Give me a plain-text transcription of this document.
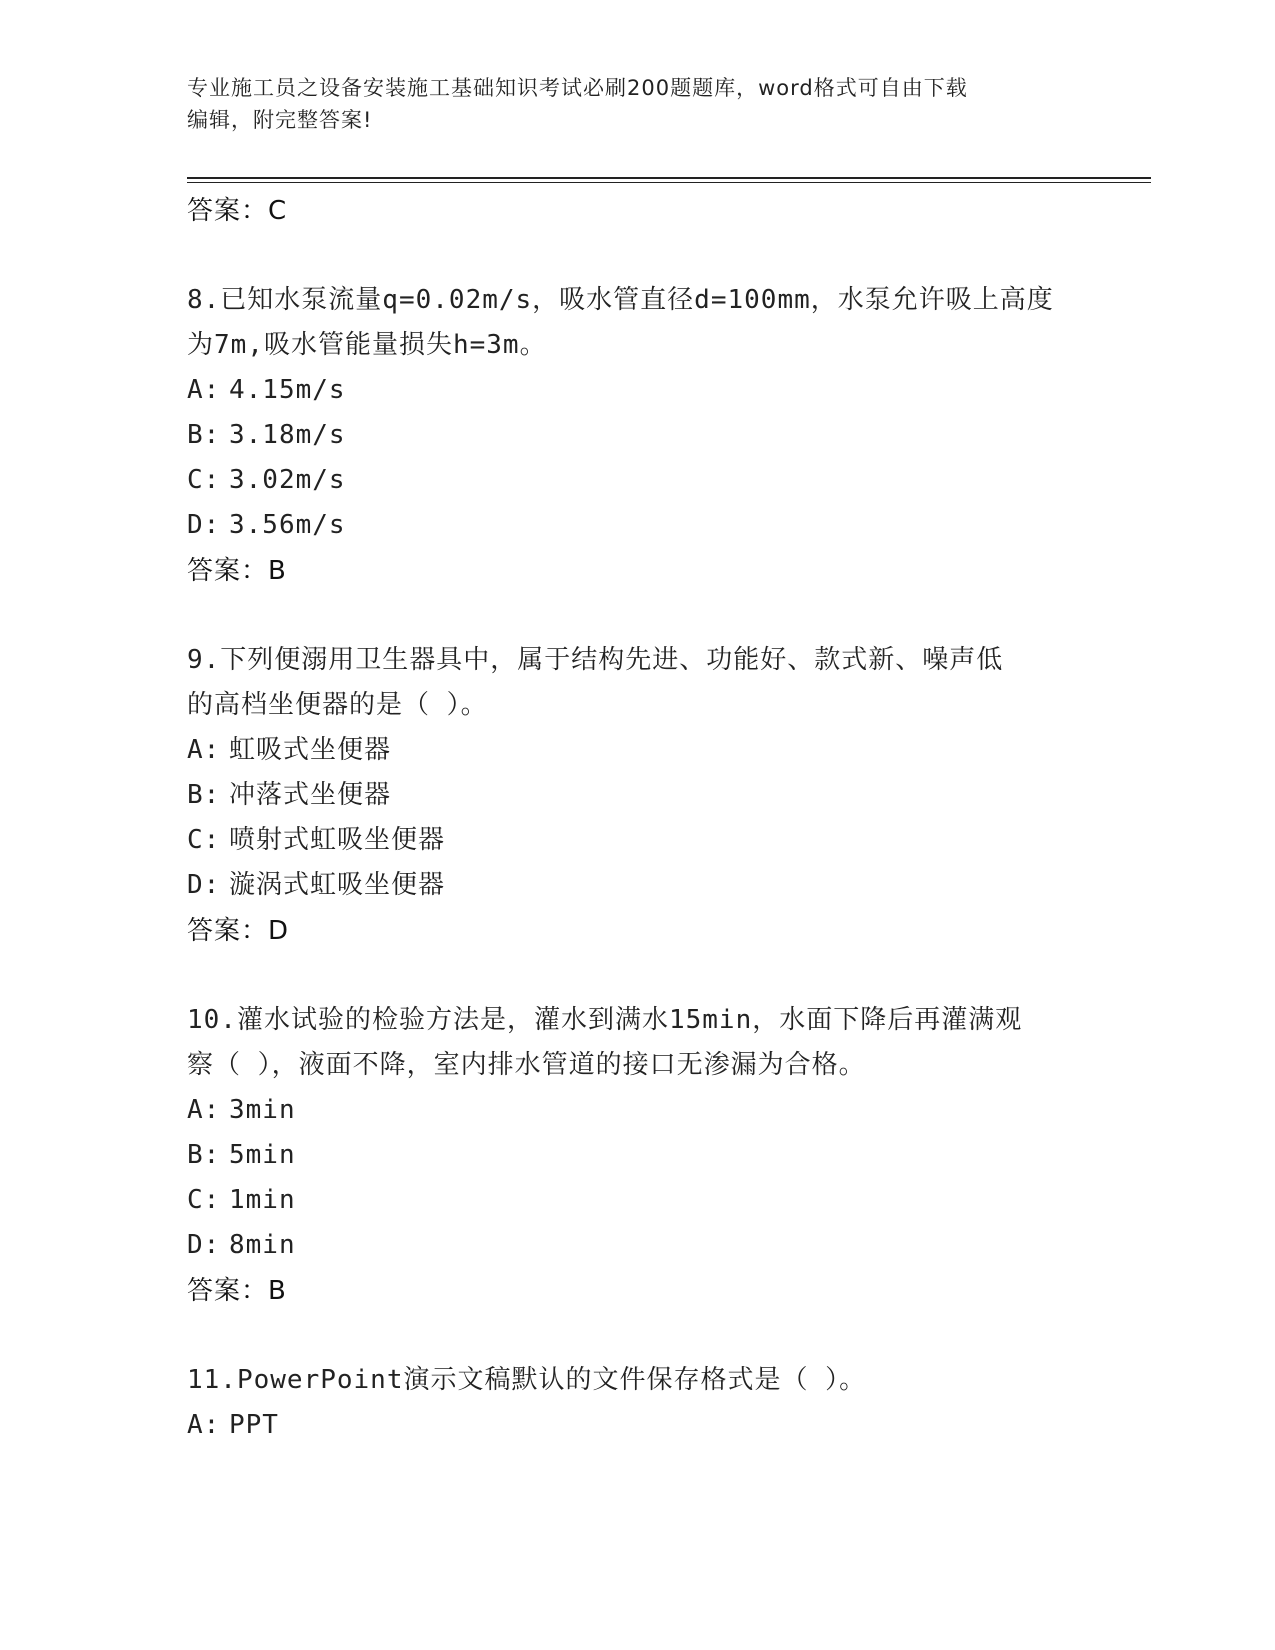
专业施工员之设备安装施工基础知识考试必刷200题题库，word格式可自由下载
编辑，附完整答案!
答案：C
8.已知水泵流量q=0.02m/s，吸水管直径d=100mm，水泵允许吸上高度
为7m,吸水管能量损失h=3m。
A: 4.15m/s
B: 3.18m/s
C: 3.02m/s
D: 3.56m/s
答案：B
9.下列便溺用卫生器具中，属于结构先进、功能好、款式新、噪声低
的高档坐便器的是（ ）。
A: 虹吸式坐便器
B: 冲落式坐便器
C: 喷射式虹吸坐便器
D: 漩涡式虹吸坐便器
答案：D
10.灌水试验的检验方法是，灌水到满水15min，水面下降后再灌满观
察（ ），液面不降，室内排水管道的接口无渗漏为合格。
A: 3min
B: 5min
C: 1min
D: 8min
答案：B
11.PowerPoint演示文稿默认的文件保存格式是（ ）。
A: PPT
